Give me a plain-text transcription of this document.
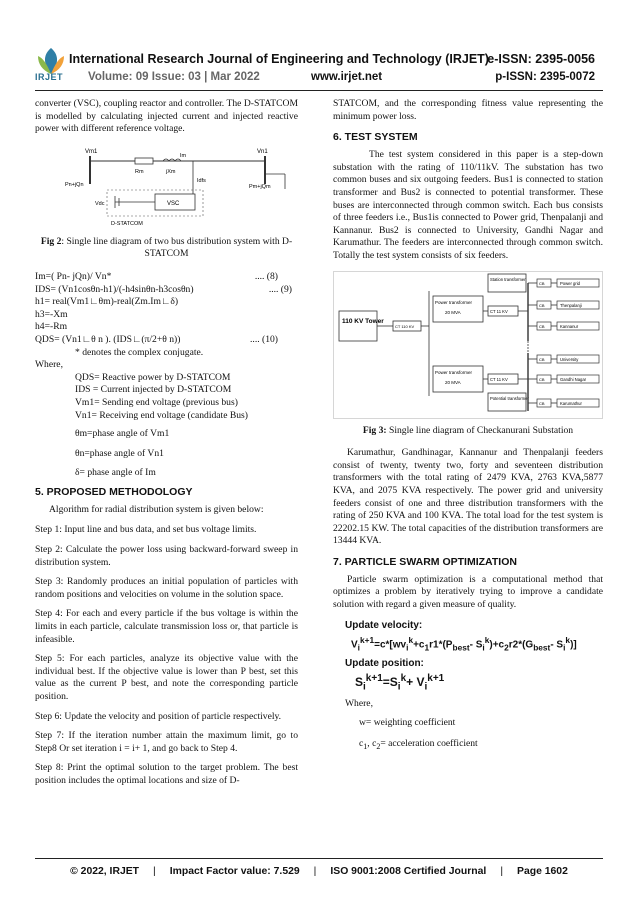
IRJET
International Research Journal of Engineering and Technology (IRJET)
e-ISSN: 2395-0056
Volume: 09 Issue: 03 | Mar 2022	www.irjet.net	p-ISSN: 2395-0072

converter (VSC), coupling reactor and controller. The D-STATCOM is modelled by calculating injected current and injected reactive power with different reference voltage.

Vm1	Vn1
Im
Rm	jXm
Idfs
Pn+jQn	Pm+jQm
Vdc	VSC
D-STATCOM

Fig 2: Single line diagram of two bus distribution system with D-STATCOM

Im=( Pn- jQn)/ Vn*	.... (8)
IDS= (Vn1cosθn-h1)/(-h4sinθn-h3cosθn)	.... (9)
h1= real(Vm1∟θm)-real(Zm.Im∟δ)
h3=-Xm
h4=-Rm
QDS= (Vn1∟θ n ). (IDS∟(π/2+θ n))	.... (10)
* denotes the complex conjugate.
Where,
QDS= Reactive power by D-STATCOM
IDS = Current injected by D-STATCOM
Vm1= Sending end voltage (previous bus)
Vn1= Receiving end voltage (candidate Bus)
θm=phase angle of Vm1
θn=phase angle of Vn1
δ= phase angle of Im
5. PROPOSED METHODOLOGY

Algorithm for radial distribution system is given below:

Step 1: Input line and bus data, and set bus voltage limits.

Step 2: Calculate the power loss using backward-forward sweep in distribution system.

Step 3: Randomly produces an initial population of particles with random positions and velocities on volume in the solution space.

Step 4: For each and every particle if the bus voltage is within the limits in each particle, calculate transmission loss or, that particle is infeasible.

Step 5: For each particles, analyze its objective value with the individual best. If the objective value is lower than P best, set this value as the current P best, and note the corresponding particle position.

Step 6: Update the velocity and position of particle respectively.

Step 7: If the iteration number attain the maximum limit, go to Step8 Or set iteration i = i+ 1, and go back to Step 4.

Step 8: Print the optimal solution to the target problem. The best position includes the optimal locations and size of D-

STATCOM, and the corresponding fitness value representing the minimum power loss.

6. TEST SYSTEM

The test system considered in this paper is a step-down substation with the rating of 110/11kV. The substation has two common buses and six outgoing feeders. Bus1 is connected to station transformer and Bus2 is connected to potential transformer. These buses are interconnected through common switch. Each bus consists of three feeders i.e., Bus1is connected to Power grid, Thenpalanji and Kannanur. Bus2 is connected to University, Gandhi Nagar and Karumathur. The feeders are interconnected through common switch. Totally the test system consists of six feeders.

110 KV Tower
CT 110 KV
Power transformer
20 MVA
Power transformer
20 MVA
Station transformer
Potential transformer
CT 11 KV
CT 11 KV
CB	Power grid
CB	Thenpalanji
CB	Kannanur
CB	University
CB	Gandhi Nagar
CB	Karumathur

Fig 3: Single line diagram of Checkanurani Substation

Karumathur, Gandhinagar, Kannanur and Thenpalanji feeders consist of twenty, twenty two, forty and seventeen distribution transformers with the total rating of 2479 KVA, 2763 KVA,5877 KVA, and 2075 KVA respectively. The power grid and university feeders consist of one and three distribution transformers with the rating of 250 KVA and 100 KVA. The total load for the test system is 22202.15 KW. The total capacities of the distribution transformers are 13444 KVA.

7. PARTICLE SWARM OPTIMIZATION

Particle swarm optimization is a computational method that optimizes a problem by iteratively trying to improve a candidate solution with regard a given measure of quality.

Update velocity:
$V_i^{k+1}=c*[wv_i^k+c_1r1*(P_{best}-$ $S_i^k)+c_2r2*(G_{best}-$ $S_i^k$)]
Update position:
$S_i^{k+1}=S_i^k+ V_i^{k+1}$
Where,
w= weighting coefficient
$c_1$, $c_2=$ acceleration coefficient
© 2022, IRJET | Impact Factor value: 7.529 | ISO 9001:2008 Certified Journal | Page 1602
